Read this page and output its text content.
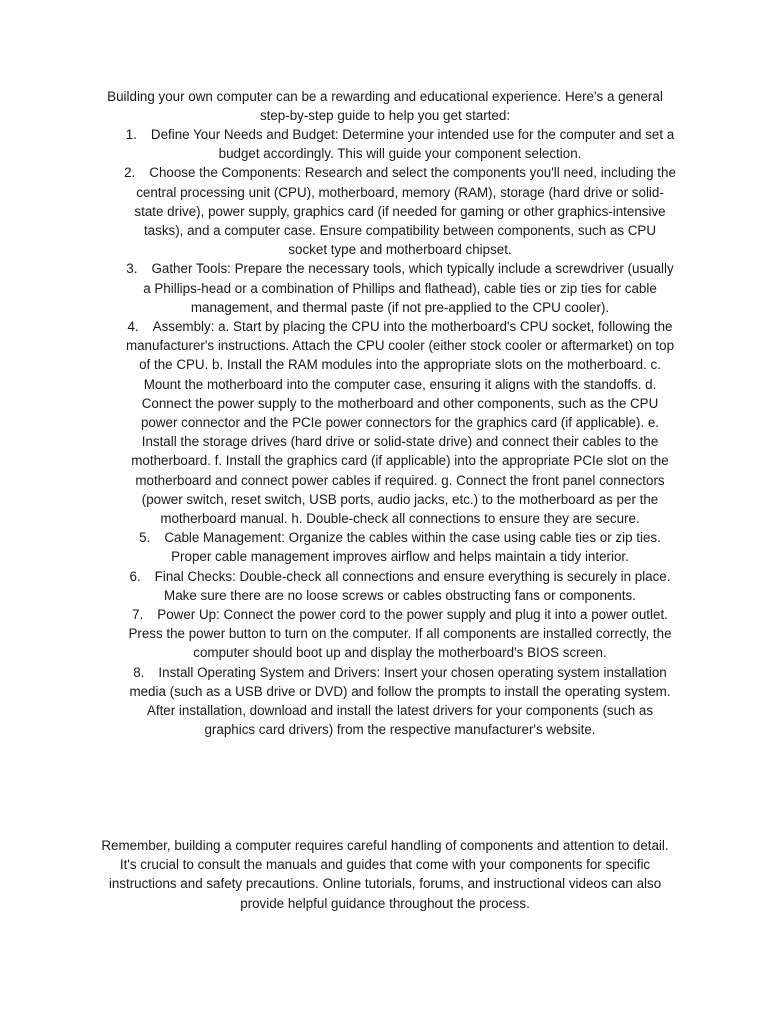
Building your own computer can be a rewarding and educational experience. Here's a general step-by-step guide to help you get started:

1. Define Your Needs and Budget: Determine your intended use for the computer and set a budget accordingly. This will guide your component selection.
2. Choose the Components: Research and select the components you'll need, including the central processing unit (CPU), motherboard, memory (RAM), storage (hard drive or solid-state drive), power supply, graphics card (if needed for gaming or other graphics-intensive tasks), and a computer case. Ensure compatibility between components, such as CPU socket type and motherboard chipset.
3. Gather Tools: Prepare the necessary tools, which typically include a screwdriver (usually a Phillips-head or a combination of Phillips and flathead), cable ties or zip ties for cable management, and thermal paste (if not pre-applied to the CPU cooler).
4. Assembly: a. Start by placing the CPU into the motherboard's CPU socket, following the manufacturer's instructions. Attach the CPU cooler (either stock cooler or aftermarket) on top of the CPU. b. Install the RAM modules into the appropriate slots on the motherboard. c. Mount the motherboard into the computer case, ensuring it aligns with the standoffs. d. Connect the power supply to the motherboard and other components, such as the CPU power connector and the PCIe power connectors for the graphics card (if applicable). e. Install the storage drives (hard drive or solid-state drive) and connect their cables to the motherboard. f. Install the graphics card (if applicable) into the appropriate PCIe slot on the motherboard and connect power cables if required. g. Connect the front panel connectors (power switch, reset switch, USB ports, audio jacks, etc.) to the motherboard as per the motherboard manual. h. Double-check all connections to ensure they are secure.
5. Cable Management: Organize the cables within the case using cable ties or zip ties. Proper cable management improves airflow and helps maintain a tidy interior.
6. Final Checks: Double-check all connections and ensure everything is securely in place. Make sure there are no loose screws or cables obstructing fans or components.
7. Power Up: Connect the power cord to the power supply and plug it into a power outlet. Press the power button to turn on the computer. If all components are installed correctly, the computer should boot up and display the motherboard's BIOS screen.
8. Install Operating System and Drivers: Insert your chosen operating system installation media (such as a USB drive or DVD) and follow the prompts to install the operating system. After installation, download and install the latest drivers for your components (such as graphics card drivers) from the respective manufacturer's website.

Remember, building a computer requires careful handling of components and attention to detail. It's crucial to consult the manuals and guides that come with your components for specific instructions and safety precautions. Online tutorials, forums, and instructional videos can also provide helpful guidance throughout the process.
